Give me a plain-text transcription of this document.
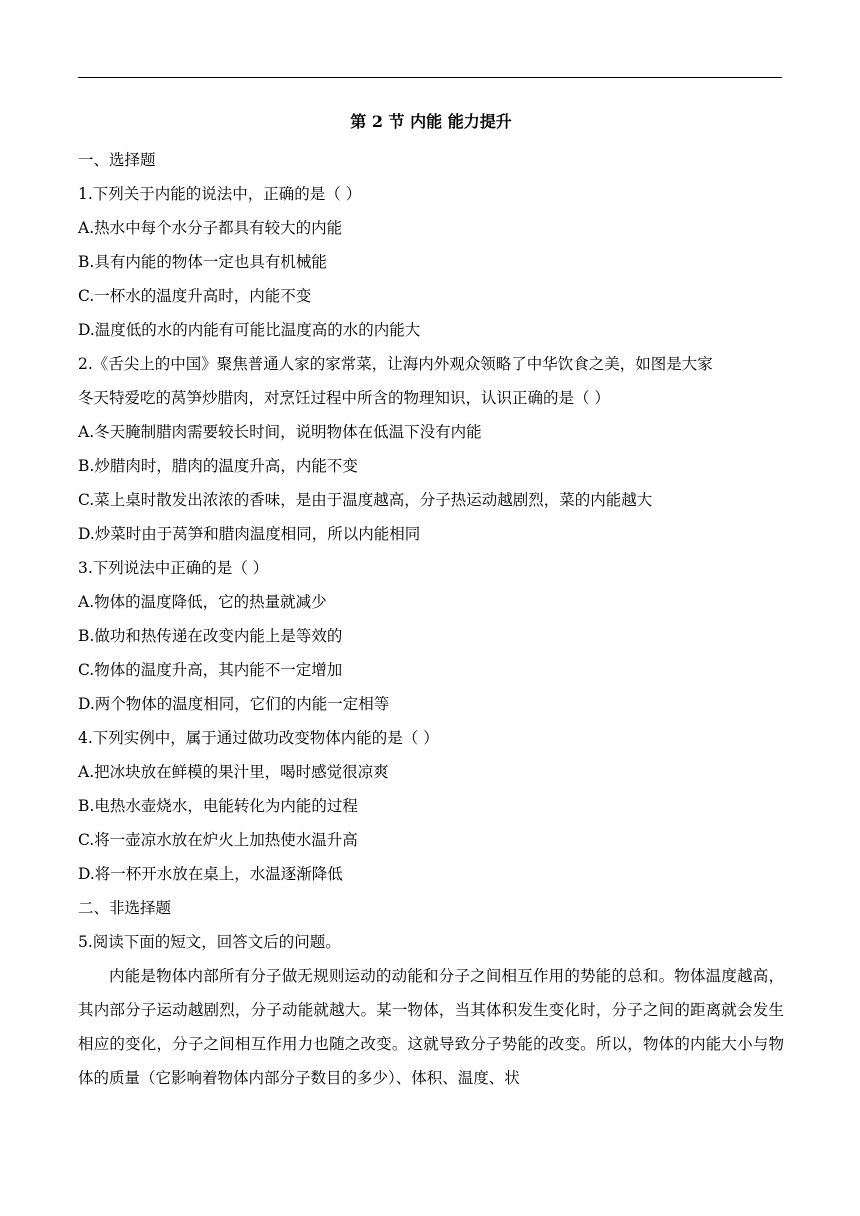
第 2 节 内能 能力提升
一、选择题
1.下列关于内能的说法中，正确的是（ ）
A.热水中每个水分子都具有较大的内能
B.具有内能的物体一定也具有机械能
C.一杯水的温度升高时，内能不变
D.温度低的水的内能有可能比温度高的水的内能大
2.《舌尖上的中国》聚焦普通人家的家常菜，让海内外观众领略了中华饮食之美，如图是大家
冬天特爱吃的莴笋炒腊肉，对烹饪过程中所含的物理知识，认识正确的是（ ）
A.冬天腌制腊肉需要较长时间，说明物体在低温下没有内能
B.炒腊肉时，腊肉的温度升高，内能不变
C.菜上桌时散发出浓浓的香味，是由于温度越高，分子热运动越剧烈，菜的内能越大
D.炒菜时由于莴笋和腊肉温度相同，所以内能相同
3.下列说法中正确的是（ ）
A.物体的温度降低，它的热量就减少
B.做功和热传递在改变内能上是等效的
C.物体的温度升高，其内能不一定增加
D.两个物体的温度相同，它们的内能一定相等
4.下列实例中，属于通过做功改变物体内能的是（ ）
A.把冰块放在鲜模的果汁里，喝时感觉很凉爽
B.电热水壶烧水，电能转化为内能的过程
C.将一壶凉水放在炉火上加热使水温升高
D.将一杯开水放在桌上，水温逐渐降低
二、非选择题
5.阅读下面的短文，回答文后的问题。

内能是物体内部所有分子做无规则运动的动能和分子之间相互作用的势能的总和。物体温度越高，其内部分子运动越剧烈，分子动能就越大。某一物体，当其体积发生变化时，分子之间的距离就会发生相应的变化，分子之间相互作用力也随之改变。这就导致分子势能的改变。所以，物体的内能大小与物体的质量（它影响着物体内部分子数目的多少）、体积、温度、状
